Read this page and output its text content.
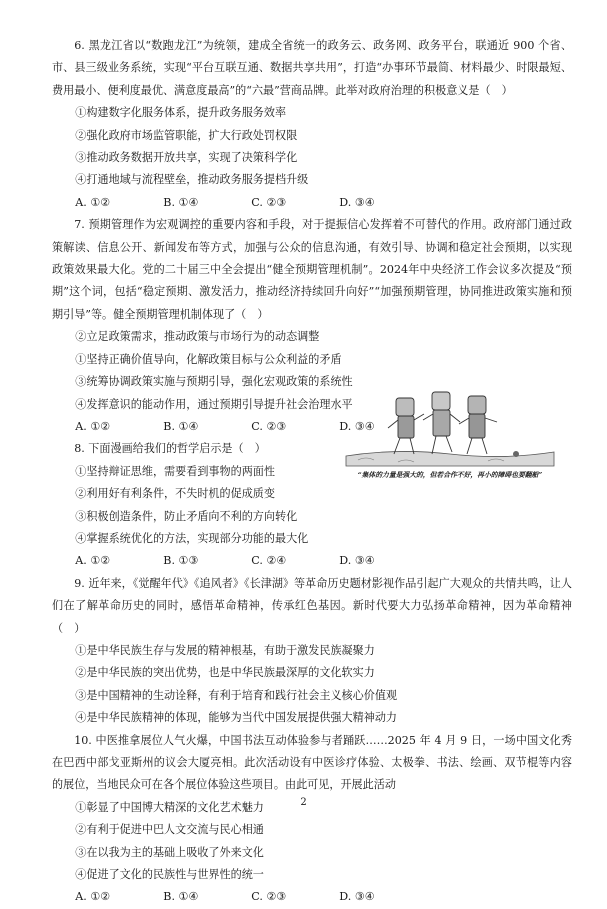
6. 黑龙江省以“数跑龙江”为统领，建成全省统一的政务云、政务网、政务平台，联通近 900 个省、市、县三级业务系统，实现“平台互联互通、数据共享共用”，打造“办事环节最简、材料最少、时限最短、费用最小、便利度最优、满意度最高”的“六最”营商品牌。此举对政府治理的积极意义是（　）

①构建数字化服务体系，提升政务服务效率

②强化政府市场监管职能，扩大行政处罚权限

③推动政务数据开放共享，实现了决策科学化

④打通地域与流程壁垒，推动政务服务提档升级

A. ①②	B. ①④	C. ②③	D. ③④

7. 预期管理作为宏观调控的重要内容和手段，对于提振信心发挥着不可替代的作用。政府部门通过政策解读、信息公开、新闻发布等方式，加强与公众的信息沟通，有效引导、协调和稳定社会预期，以实现政策效果最大化。党的二十届三中全会提出“健全预期管理机制”。2024年中央经济工作会议多次提及“预期”这个词，包括“稳定预期、激发活力，推动经济持续回升向好”“加强预期管理，协同推进政策实施和预期引导”等。健全预期管理机制体现了（　）

②立足政策需求，推动政策与市场行为的动态调整

①坚持正确价值导向，化解政策目标与公众利益的矛盾

③统筹协调政策实施与预期引导，强化宏观政策的系统性

④发挥意识的能动作用，通过预期引导提升社会治理水平

A. ①②	B. ①④	C. ②③	D. ③④

8. 下面漫画给我们的哲学启示是（　）

①坚持辩证思维，需要看到事物的两面性

②利用好有利条件，不失时机的促成质变

③积极创造条件，防止矛盾向不利的方向转化

④掌握系统优化的方法，实现部分功能的最大化

A. ①②	B. ①③	C. ②④	D. ③④

9. 近年来，《觉醒年代》《追风者》《长津湖》等革命历史题材影视作品引起广大观众的共情共鸣，让人们在了解革命历史的同时，感悟革命精神，传承红色基因。新时代要大力弘扬革命精神，因为革命精神（　）

①是中华民族生存与发展的精神根基，有助于激发民族凝聚力

②是中华民族的突出优势，也是中华民族最深厚的文化软实力

③是中国精神的生动诠释，有利于培育和践行社会主义核心价值观

④是中华民族精神的体现，能够为当代中国发展提供强大精神动力

10. 中医推拿展位人气火爆，中国书法互动体验参与者踊跃……2025 年 4 月 9 日，一场中国文化秀在巴西中部戈亚斯州的议会大厦亮相。此次活动设有中医诊疗体验、太极拳、书法、绘画、双节棍等内容的展位，当地民众可在各个展位体验这些项目。由此可见，开展此活动

①彰显了中国博大精深的文化艺术魅力

②有利于促进中巴人文交流与民心相通

③在以我为主的基础上吸收了外来文化

④促进了文化的民族性与世界性的统一

A. ①②	B. ①④	C. ②③	D. ③④

“集体的力量是强大的，但若合作不好，再小的障碍也要翻船”
2
